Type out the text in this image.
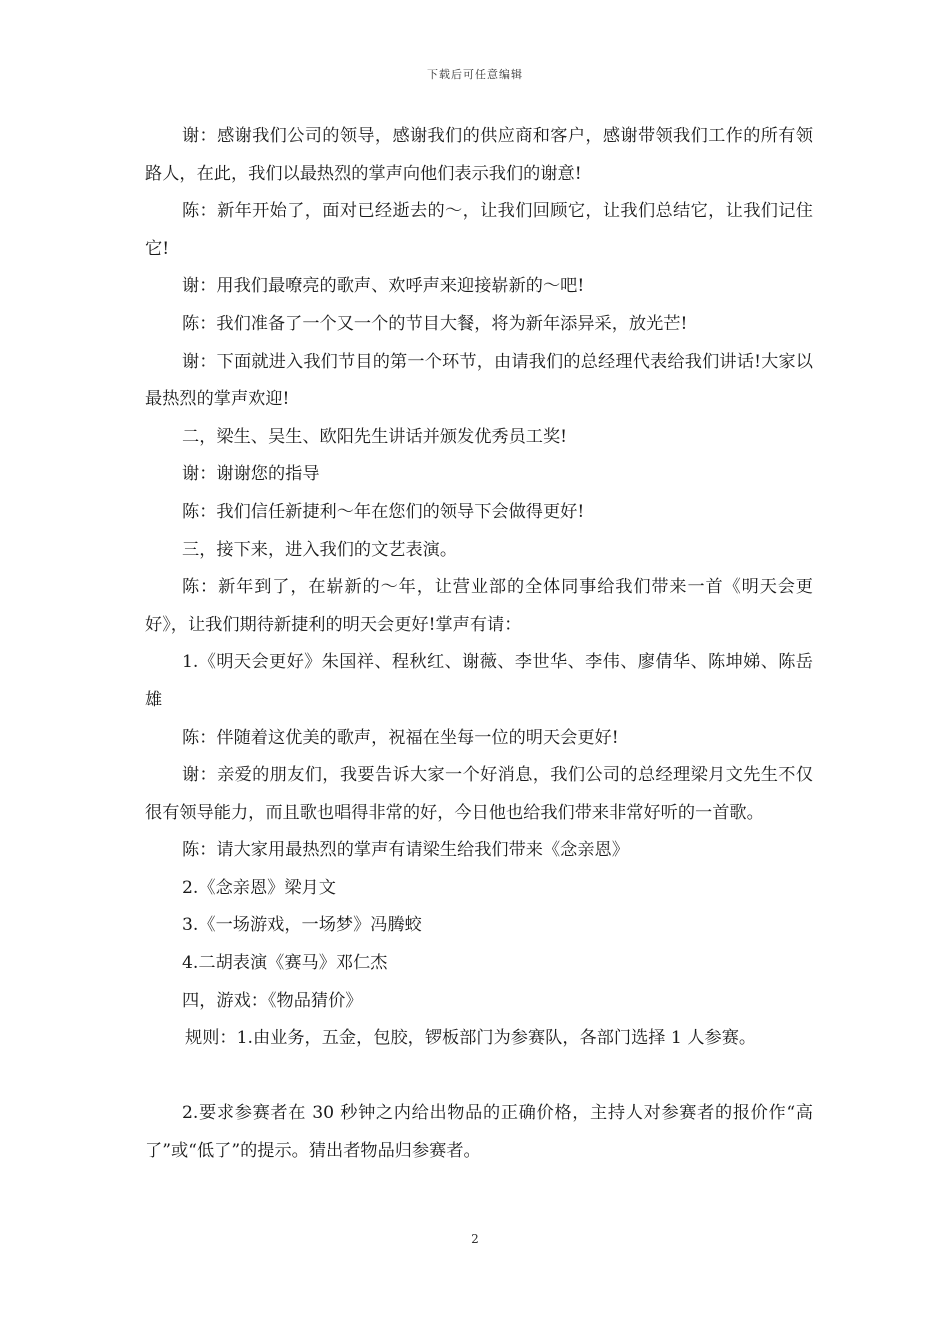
下载后可任意编辑

谢：感谢我们公司的领导，感谢我们的供应商和客户，感谢带领我们工作的所有领路人，在此，我们以最热烈的掌声向他们表示我们的谢意!

陈：新年开始了，面对已经逝去的～，让我们回顾它，让我们总结它，让我们记住它!

谢：用我们最嘹亮的歌声、欢呼声来迎接崭新的～吧!

陈：我们准备了一个又一个的节目大餐，将为新年添异采，放光芒!

谢：下面就进入我们节目的第一个环节，由请我们的总经理代表给我们讲话!大家以最热烈的掌声欢迎!

二，梁生、吴生、欧阳先生讲话并颁发优秀员工奖!

谢：谢谢您的指导

陈：我们信任新捷利～年在您们的领导下会做得更好!

三，接下来，进入我们的文艺表演。

陈：新年到了，在崭新的～年，让营业部的全体同事给我们带来一首《明天会更好》，让我们期待新捷利的明天会更好!掌声有请：

1.《明天会更好》朱国祥、程秋红、谢薇、李世华、李伟、廖倩华、陈坤娣、陈岳雄

陈：伴随着这优美的歌声，祝福在坐每一位的明天会更好!

谢：亲爱的朋友们，我要告诉大家一个好消息，我们公司的总经理梁月文先生不仅很有领导能力，而且歌也唱得非常的好，今日他也给我们带来非常好听的一首歌。

陈：请大家用最热烈的掌声有请梁生给我们带来《念亲恩》

2.《念亲恩》梁月文

3.《一场游戏，一场梦》冯腾蛟

4.二胡表演《赛马》邓仁杰

四，游戏：《物品猜价》

规则：1.由业务，五金，包胶，锣板部门为参赛队，各部门选择 1 人参赛。

2.要求参赛者在 30 秒钟之内给出物品的正确价格，主持人对参赛者的报价作“高了”或“低了”的提示。猜出者物品归参赛者。

2
